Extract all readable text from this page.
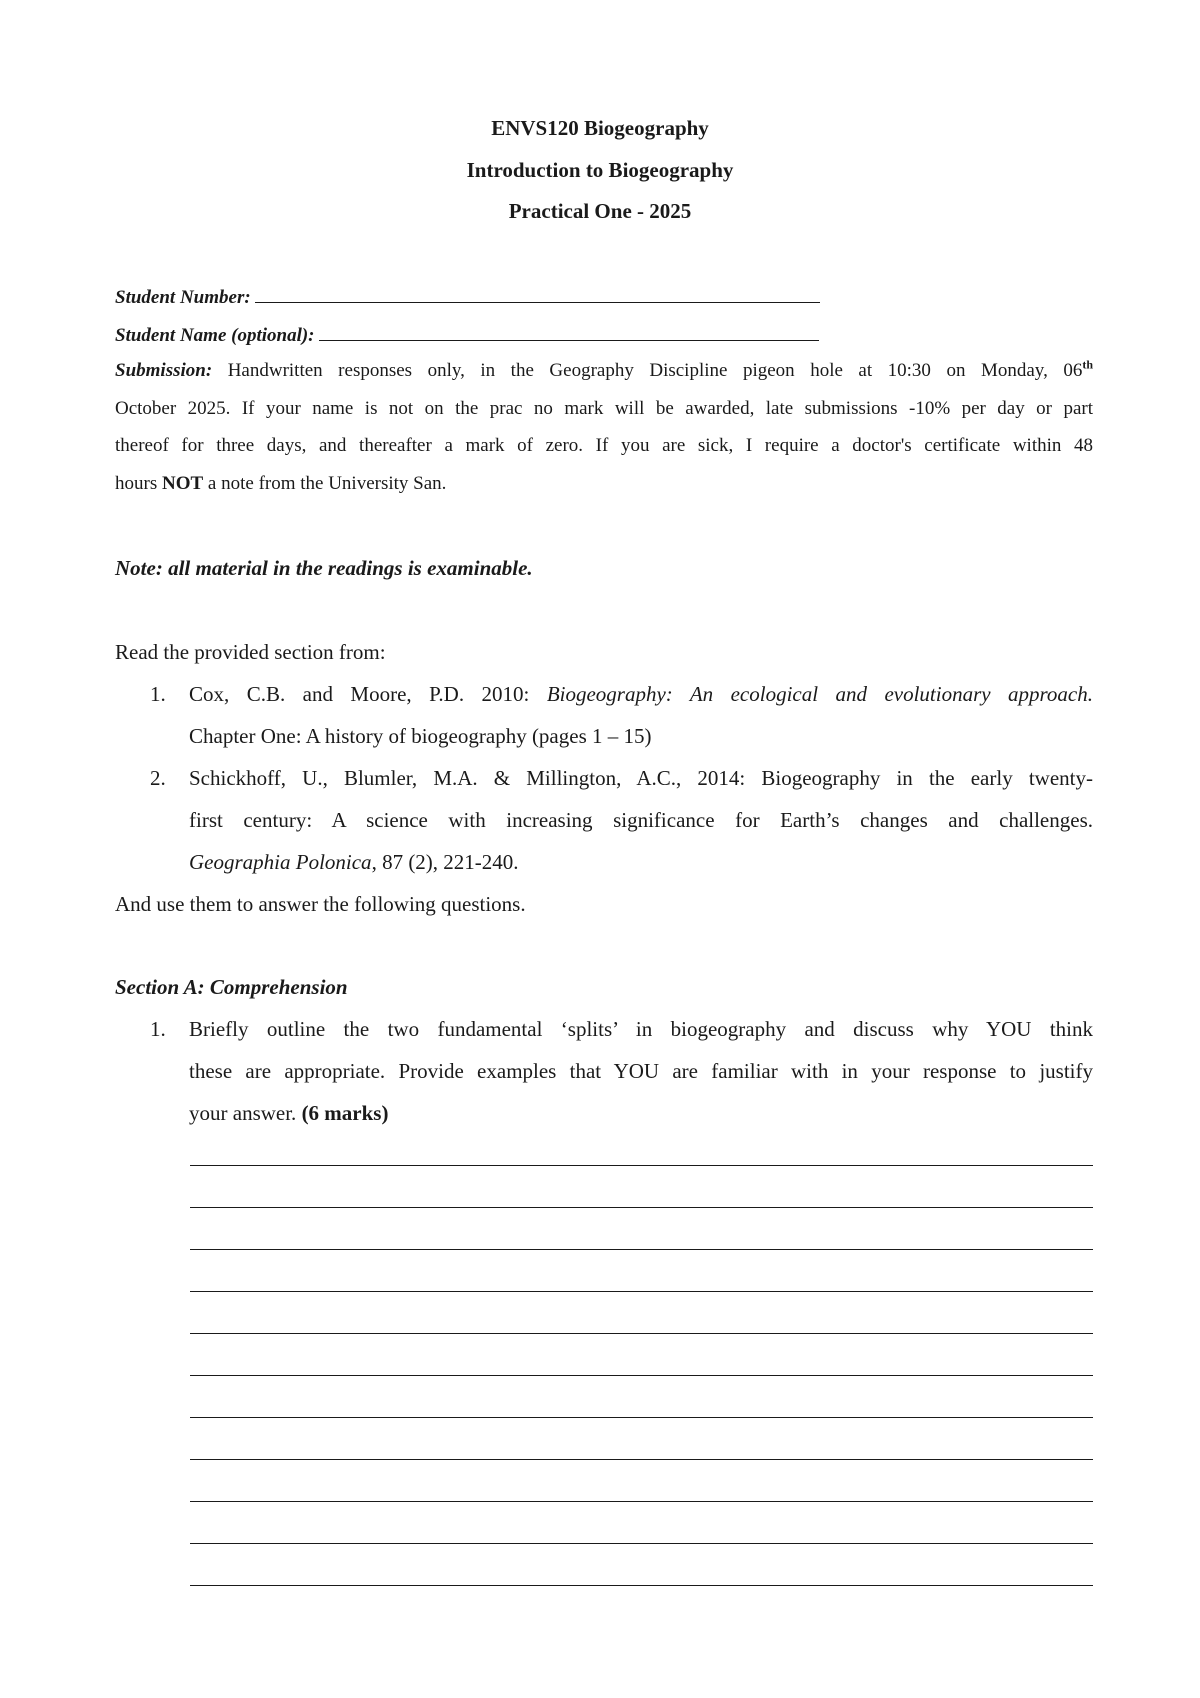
ENVS120 Biogeography
Introduction to Biogeography
Practical One - 2025
Student Number:
Student Name (optional):
Submission: Handwritten responses only, in the Geography Discipline pigeon hole at 10:30 on Monday, 06th
October 2025. If your name is not on the prac no mark will be awarded, late submissions -10% per day or part
thereof for three days, and thereafter a mark of zero. If you are sick, I require a doctor's certificate within 48
hours NOT a note from the University San.
Note: all material in the readings is examinable.
Read the provided section from:
1. Cox, C.B. and Moore, P.D. 2010: Biogeography: An ecological and evolutionary approach.
Chapter One: A history of biogeography (pages 1 – 15)
2. Schickhoff, U., Blumler, M.A. & Millington, A.C., 2014: Biogeography in the early twenty-
first century: A science with increasing significance for Earth’s changes and challenges.
Geographia Polonica, 87 (2), 221-240.
And use them to answer the following questions.
Section A: Comprehension
1. Briefly outline the two fundamental ‘splits’ in biogeography and discuss why YOU think
these are appropriate. Provide examples that YOU are familiar with in your response to justify
your answer. (6 marks)
